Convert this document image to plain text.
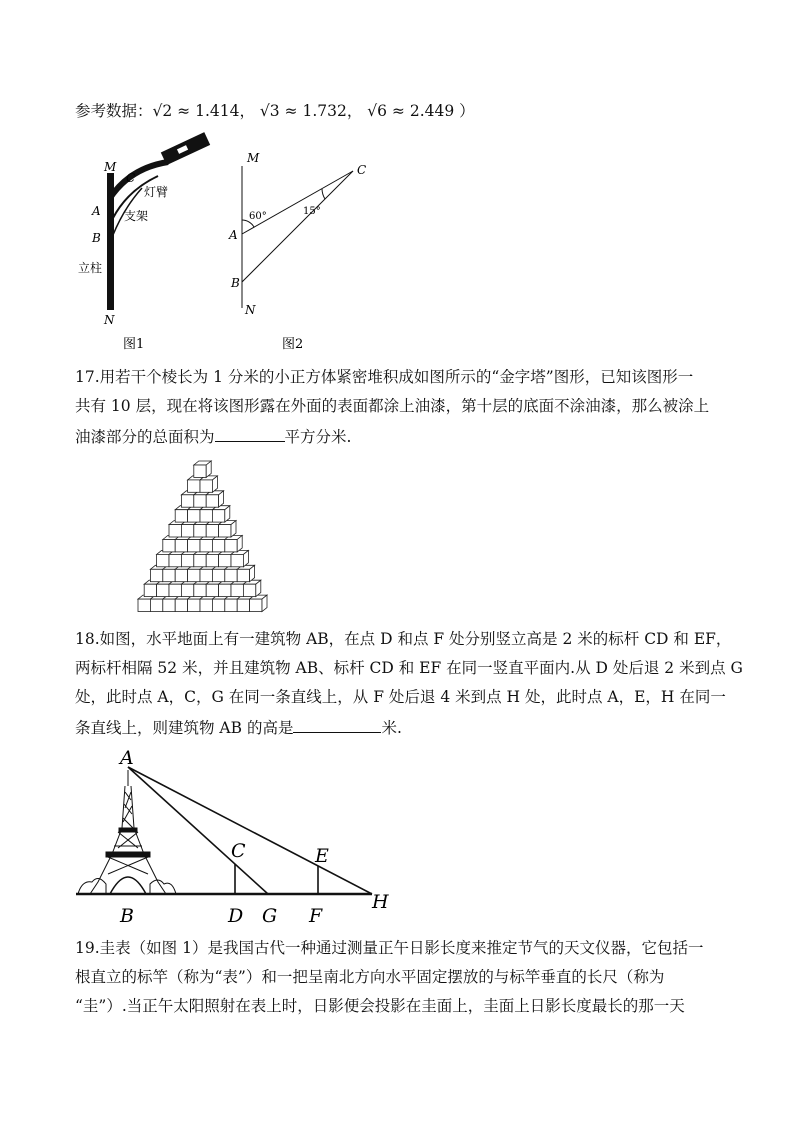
参考数据：√2 ≈ 1.414， √3 ≈ 1.732， √6 ≈ 2.449 ）
M
C
灯臂
A 支架
B
立柱
N
图1
M
C
60°	15°
A
B
N
图2
17.用若干个棱长为 1 分米的小正方体紧密堆积成如图所示的“金字塔”图形，已知该图形一
共有 10 层，现在将该图形露在外面的表面都涂上油漆，第十层的底面不涂油漆，那么被涂上
油漆部分的总面积为	平方分米.
18.如图，水平地面上有一建筑物 AB，在点 D 和点 F 处分别竖立高是 2 米的标杆 CD 和 EF，
两标杆相隔 52 米，并且建筑物 AB、标杆 CD 和 EF 在同一竖直平面内.从 D 处后退 2 米到点 G
处，此时点 A，C，G 在同一条直线上，从 F 处后退 4 米到点 H 处，此时点 A，E，H 在同一
条直线上，则建筑物 AB 的高是	米.
A
B
C
D
E
F
G
H
19.圭表（如图 1）是我国古代一种通过测量正午日影长度来推定节气的天文仪器，它包括一
根直立的标竿（称为“表”）和一把呈南北方向水平固定摆放的与标竿垂直的长尺（称为
“圭”）.当正午太阳照射在表上时，日影便会投影在圭面上，圭面上日影长度最长的那一天
